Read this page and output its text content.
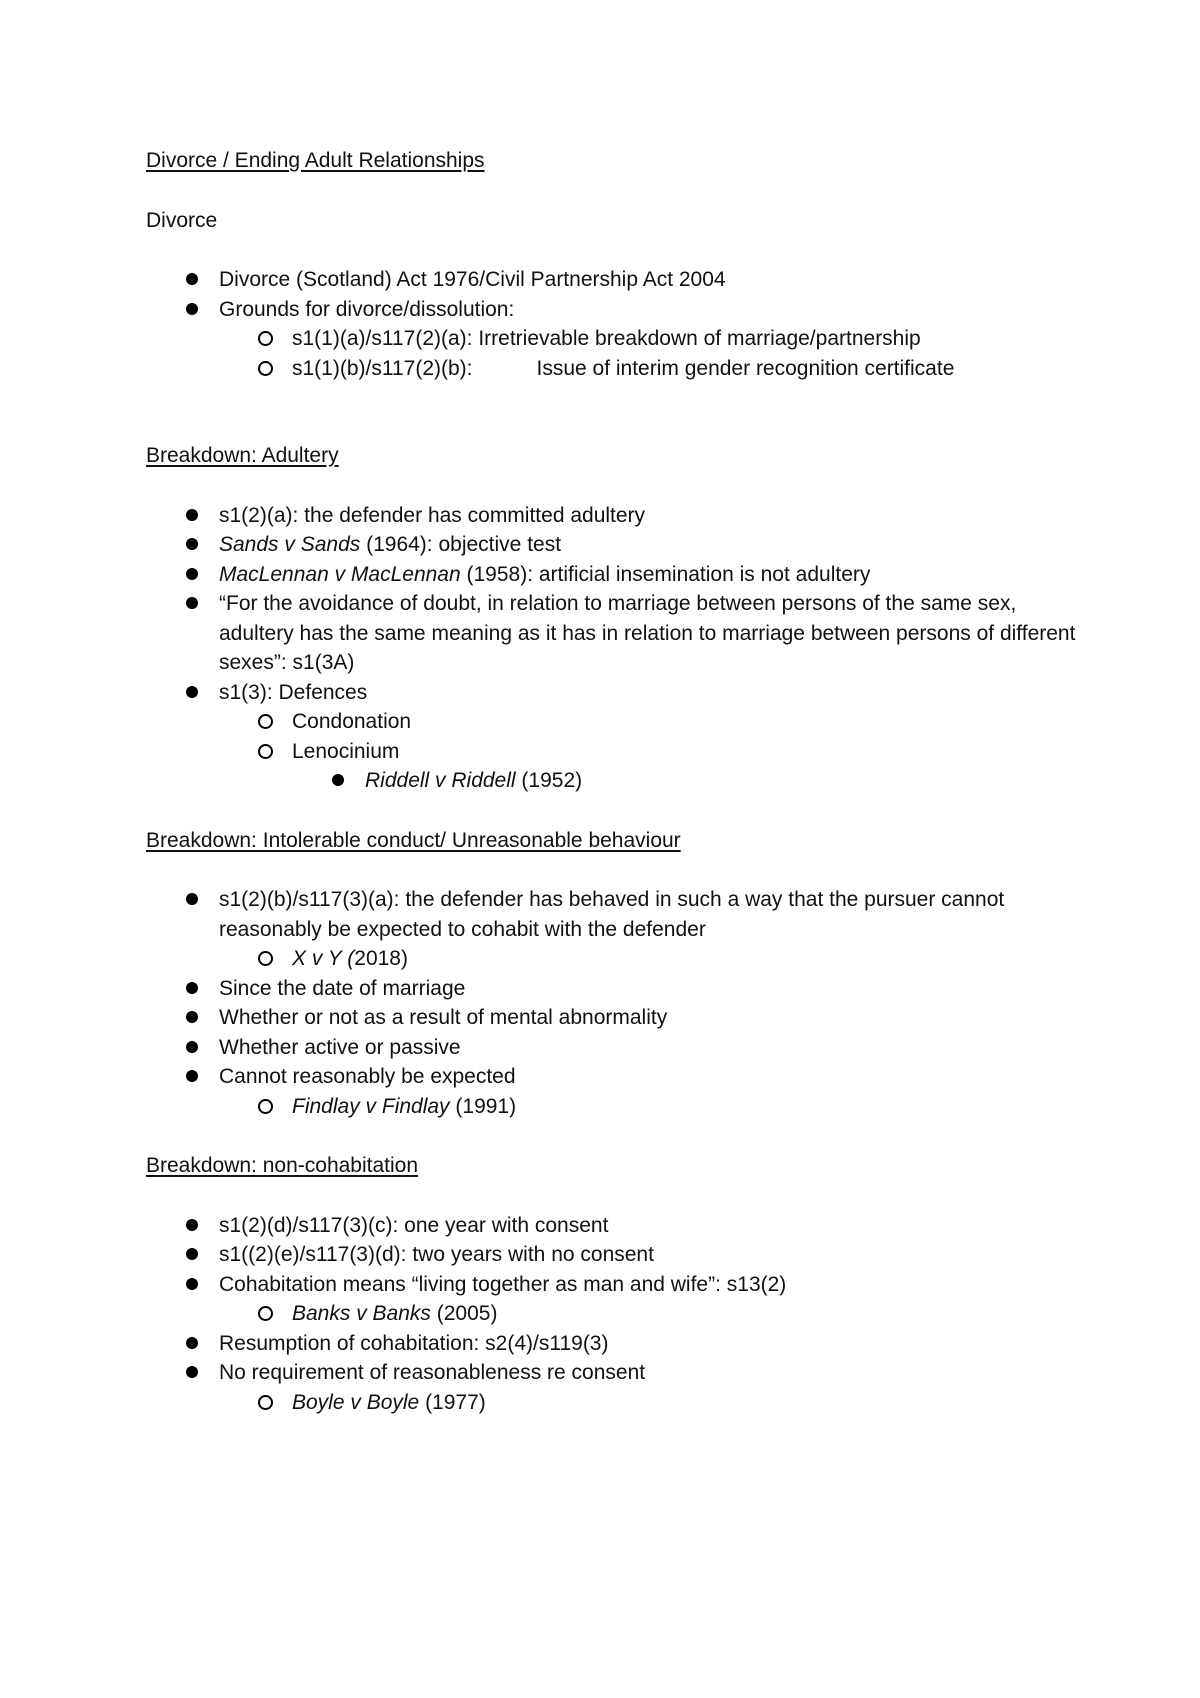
Divorce / Ending Adult Relationships

Divorce

Divorce (Scotland) Act 1976/Civil Partnership Act 2004
Grounds for divorce/dissolution:
s1(1)(a)/s117(2)(a): Irretrievable breakdown of marriage/partnership
s1(1)(b)/s117(2)(b):	Issue of interim gender recognition certificate
Breakdown: Adultery
s1(2)(a): the defender has committed adultery
Sands v Sands (1964): objective test
MacLennan v MacLennan (1958): artificial insemination is not adultery
“For the avoidance of doubt, in relation to marriage between persons of the same sex, adultery has the same meaning as it has in relation to marriage between persons of different sexes”: s1(3A)
s1(3): Defences
Condonation
Lenocinium
Riddell v Riddell (1952)
Breakdown: Intolerable conduct/ Unreasonable behaviour
s1(2)(b)/s117(3)(a): the defender has behaved in such a way that the pursuer cannot reasonably be expected to cohabit with the defender
X v Y (2018)
Since the date of marriage
Whether or not as a result of mental abnormality
Whether active or passive
Cannot reasonably be expected
Findlay v Findlay (1991)
Breakdown: non-cohabitation
s1(2)(d)/s117(3)(c): one year with consent
s1((2)(e)/s117(3)(d): two years with no consent
Cohabitation means “living together as man and wife”: s13(2)
Banks v Banks (2005)
Resumption of cohabitation: s2(4)/s119(3)
No requirement of reasonableness re consent
Boyle v Boyle (1977)
